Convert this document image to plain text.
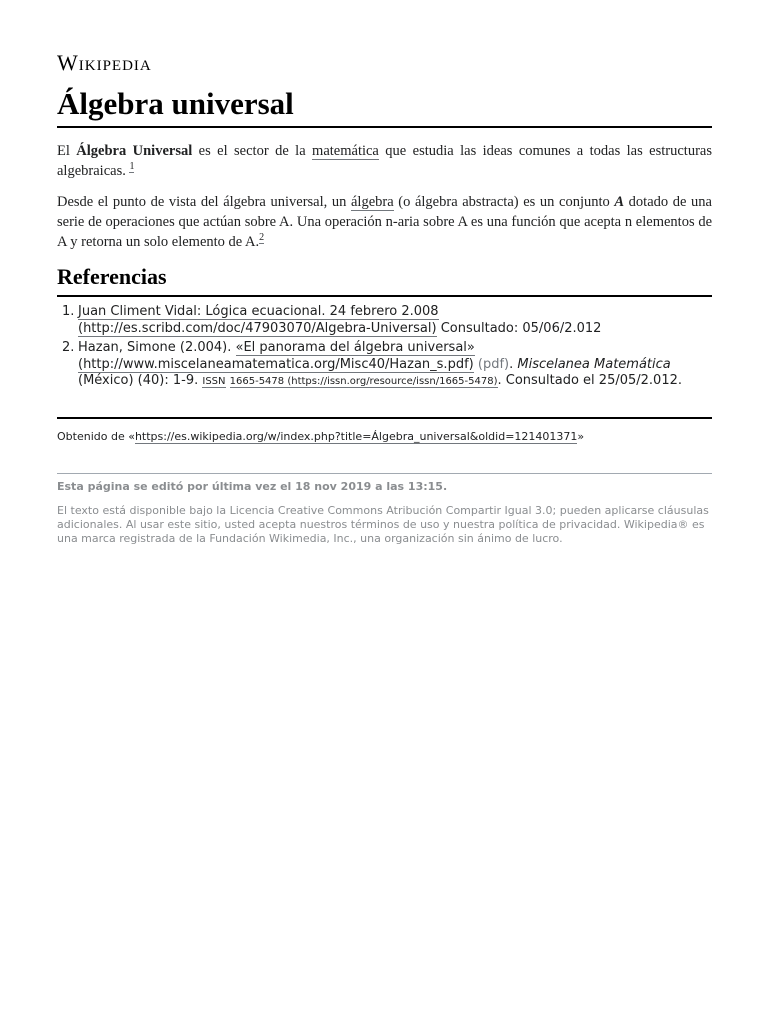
Wikipedia
Álgebra universal

El Álgebra Universal es el sector de la matemática que estudia las ideas comunes a todas las estructuras algebraicas. $^1$

Desde el punto de vista del álgebra universal, un álgebra (o álgebra abstracta) es un conjunto A dotado de una serie de operaciones que actúan sobre A. Una operación n-aria sobre A es una función que acepta n elementos de A y retorna un solo elemento de A.$^2$

Referencias
1. Juan Climent Vidal: Lógica ecuacional. 24 febrero 2.008 (http://es.scribd.com/doc/47903070/Algebra-Universal) Consultado: 05/06/2.012
2. Hazan, Simone (2.004). «El panorama del álgebra universal» (http://www.miscelaneamatematica.org/Misc40/Hazan_s.pdf) (pdf). Miscelanea Matemática (México) (40): 1-9. ISSN 1665-5478 (https://issn.org/resource/issn/1665-5478). Consultado el 25/05/2.012.
Obtenido de «https://es.wikipedia.org/w/index.php?title=Álgebra_universal&oldid=121401371»
Esta página se editó por última vez el 18 nov 2019 a las 13:15.

El texto está disponible bajo la Licencia Creative Commons Atribución Compartir Igual 3.0; pueden aplicarse cláusulas adicionales. Al usar este sitio, usted acepta nuestros términos de uso y nuestra política de privacidad. Wikipedia® es una marca registrada de la Fundación Wikimedia, Inc., una organización sin ánimo de lucro.
